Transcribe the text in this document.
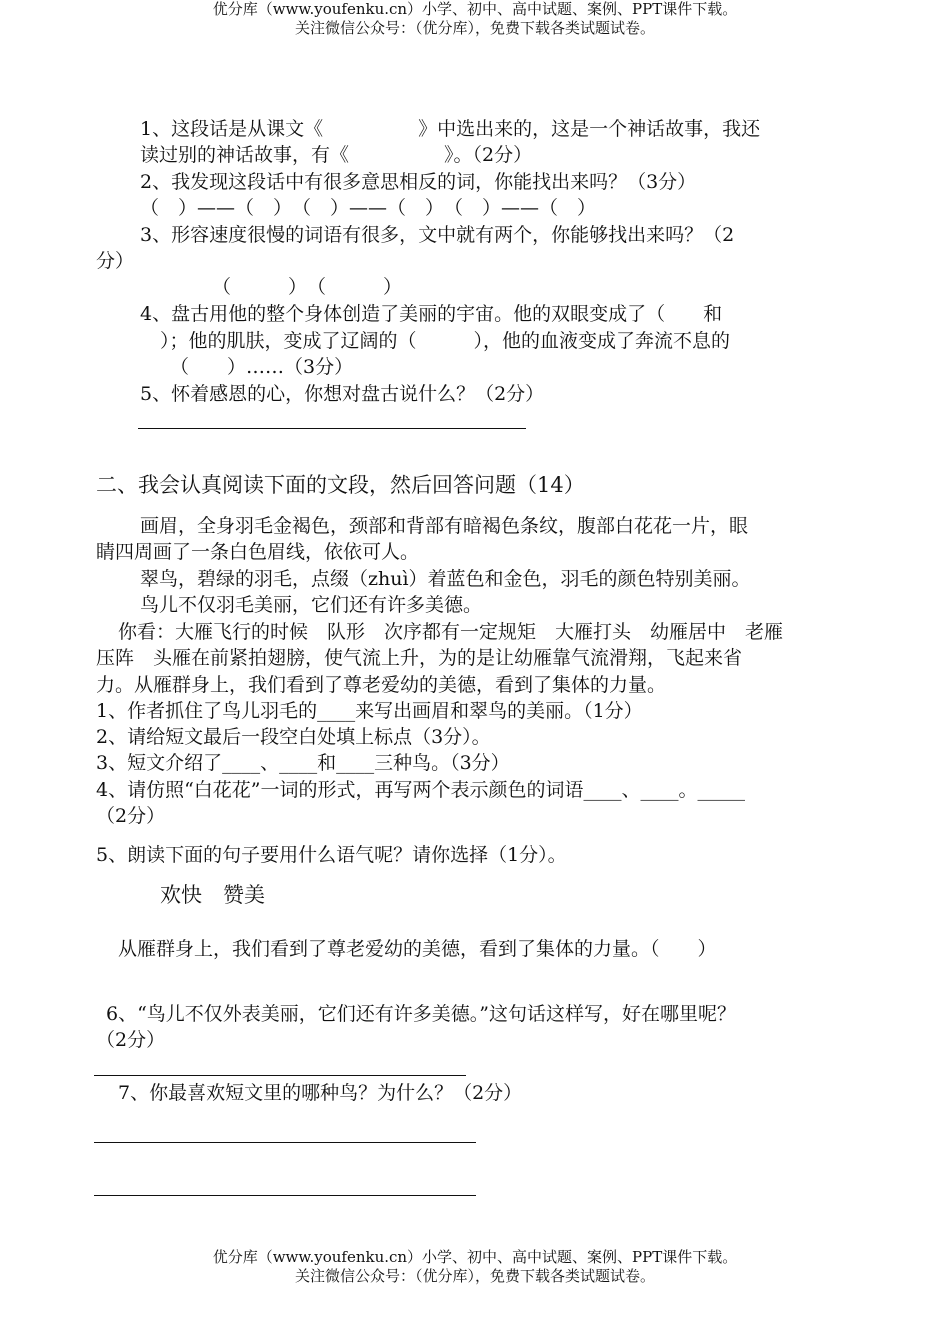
优分库（www.youfenku.cn）小学、初中、高中试题、案例、PPT课件下载。
关注微信公众号：（优分库），免费下载各类试题试卷。
1、这段话是从课文《　　　　　》中选出来的，这是一个神话故事，我还
读过别的神话故事，有《　　　　　》。（2分）
2、我发现这段话中有很多意思相反的词，你能找出来吗？（3分）
（　）——（　）　（　）——（　）　（　）——（　）
3、形容速度很慢的词语有很多，文中就有两个，你能够找出来吗？（2
分）
（　　　）　（　　　）
4、盘古用他的整个身体创造了美丽的宇宙。他的双眼变成了（　　和
）；他的肌肤，变成了辽阔的（　　　），他的血液变成了奔流不息的
（　　）……（3分）
5、怀着感恩的心，你想对盘古说什么？（2分）
二、我会认真阅读下面的文段，然后回答问题（14）
画眉，全身羽毛金褐色，颈部和背部有暗褐色条纹，腹部白花花一片，眼
睛四周画了一条白色眉线，依依可人。
翠鸟，碧绿的羽毛，点缀（zhuì）着蓝色和金色，羽毛的颜色特别美丽。
鸟儿不仅羽毛美丽，它们还有许多美德。
你看：大雁飞行的时候　队形　次序都有一定规矩　大雁打头　幼雁居中　老雁
压阵　头雁在前紧拍翅膀，使气流上升，为的是让幼雁靠气流滑翔，飞起来省
力。从雁群身上，我们看到了尊老爱幼的美德，看到了集体的力量。
1、作者抓住了鸟儿羽毛的____来写出画眉和翠鸟的美丽。（1分）
2、请给短文最后一段空白处填上标点（3分）。
3、短文介绍了____、____和____三种鸟。（3分）
4、请仿照“白花花”一词的形式，再写两个表示颜色的词语____、____。_____
（2分）
5、朗读下面的句子要用什么语气呢？请你选择（1分）。
欢快　赞美
从雁群身上，我们看到了尊老爱幼的美德，看到了集体的力量。（　　）
6、“鸟儿不仅外表美丽，它们还有许多美德。”这句话这样写，好在哪里呢？
（2分）
7、你最喜欢短文里的哪种鸟？为什么？（2分）
优分库（www.youfenku.cn）小学、初中、高中试题、案例、PPT课件下载。
关注微信公众号：（优分库），免费下载各类试题试卷。
